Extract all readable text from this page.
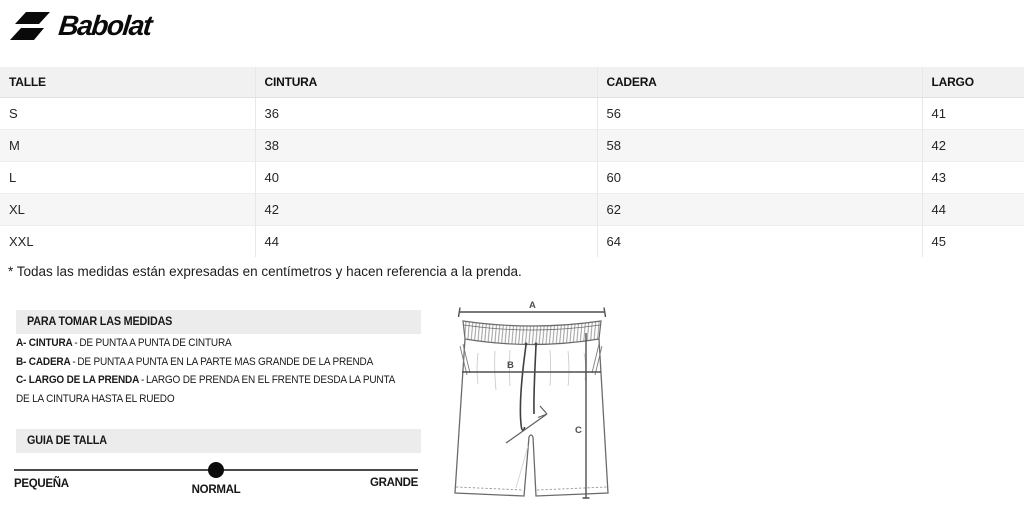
Babolat
TALLE	CINTURA	CADERA	LARGO
S	36	56	41
M	38	58	42
L	40	60	43
XL	42	62	44
XXL	44	64	45

* Todas las medidas están expresadas en centímetros y hacen referencia a la prenda.

PARA TOMAR LAS MEDIDAS

A- CINTURA - DE PUNTA A PUNTA DE CINTURA

B- CADERA - DE PUNTA A PUNTA EN LA PARTE MAS GRANDE DE LA PRENDA

C- LARGO DE LA PRENDA - LARGO DE PRENDA EN EL FRENTE DESDA LA PUNTA DE LA CINTURA HASTA EL RUEDO

GUIA DE TALLA
PEQUEÑA	NORMAL
GRANDE
A
B
C
